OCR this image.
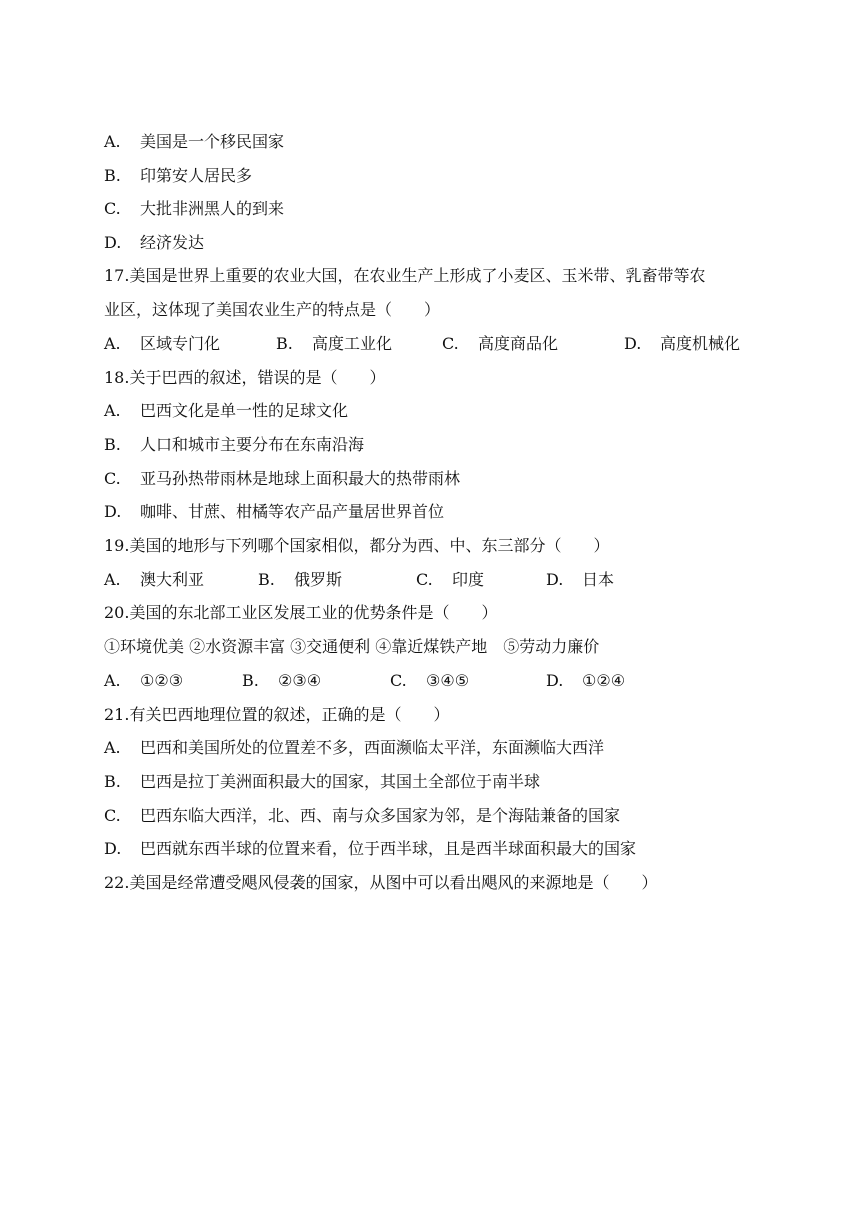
A. 美国是一个移民国家
B. 印第安人居民多
C. 大批非洲黑人的到来
D. 经济发达
17.美国是世界上重要的农业大国，在农业生产上形成了小麦区、玉米带、乳畜带等农
业区，这体现了美国农业生产的特点是（　　）
A. 区域专门化	B. 高度工业化	C. 高度商品化	D. 高度机械化
18.关于巴西的叙述，错误的是（　　）
A. 巴西文化是单一性的足球文化
B. 人口和城市主要分布在东南沿海
C. 亚马孙热带雨林是地球上面积最大的热带雨林
D. 咖啡、甘蔗、柑橘等农产品产量居世界首位
19.美国的地形与下列哪个国家相似，都分为西、中、东三部分（　　）
A. 澳大利亚	B. 俄罗斯	C. 印度	D. 日本
20.美国的东北部工业区发展工业的优势条件是（　　）
①环境优美 ②水资源丰富 ③交通便利 ④靠近煤铁产地　⑤劳动力廉价
A. ①②③	B. ②③④	C. ③④⑤	D. ①②④
21.有关巴西地理位置的叙述，正确的是（　　）
A. 巴西和美国所处的位置差不多，西面濒临太平洋，东面濒临大西洋
B. 巴西是拉丁美洲面积最大的国家，其国土全部位于南半球
C. 巴西东临大西洋，北、西、南与众多国家为邻，是个海陆兼备的国家
D. 巴西就东西半球的位置来看，位于西半球，且是西半球面积最大的国家
22.美国是经常遭受飓风侵袭的国家，从图中可以看出飓风的来源地是（　　）
